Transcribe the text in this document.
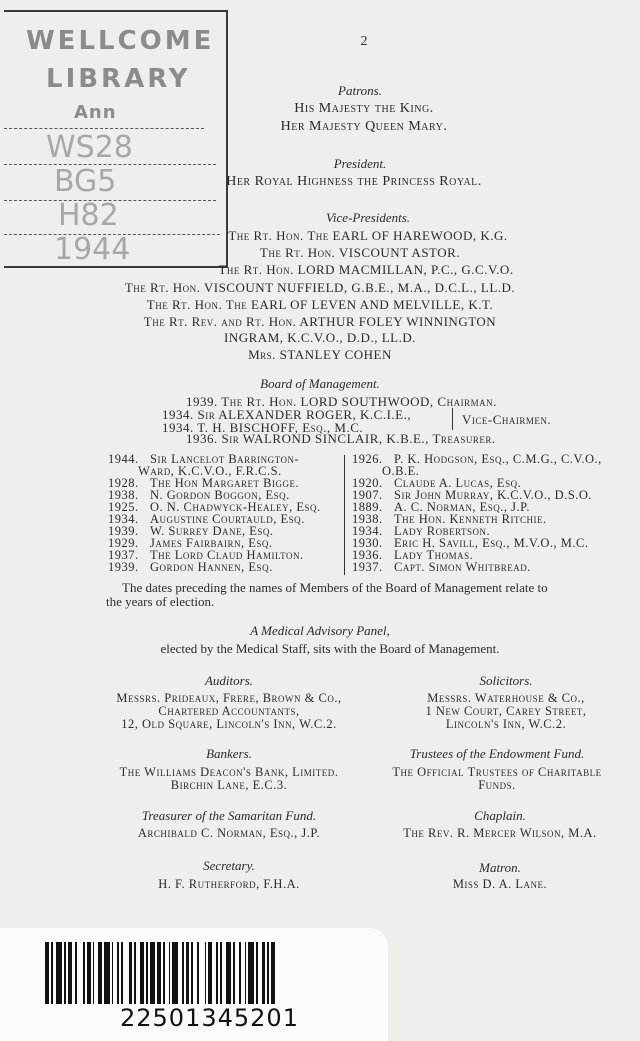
2
WELLCOME
LIBRARY
Ann
WS28
BG5
H82
1944
Patrons.
His Majesty the King.
Her Majesty Queen Mary.
President.
Her Royal Highness the Princess Royal.
Vice-Presidents.
The Rt. Hon. The EARL OF HAREWOOD, K.G.
The Rt. Hon. VISCOUNT ASTOR.
The Rt. Hon. LORD MACMILLAN, P.C., G.C.V.O.
The Rt. Hon. VISCOUNT NUFFIELD, G.B.E., M.A., D.C.L., LL.D.
The Rt. Hon. The EARL OF LEVEN AND MELVILLE, K.T.
The Rt. Rev. and Rt. Hon. ARTHUR FOLEY WINNINGTON
INGRAM, K.C.V.O., D.D., LL.D.
Mrs. STANLEY COHEN
Board of Management.
1939. The Rt. Hon. LORD SOUTHWOOD, Chairman.
1934. Sir ALEXANDER ROGER, K.C.I.E.,
1934. T. H. BISCHOFF, Esq., M.C.
Vice-Chairmen.
1936. Sir WALROND SINCLAIR, K.B.E., Treasurer.
1944. Sir Lancelot Barrington-
Ward, K.C.V.O., F.R.C.S.
1928. The Hon Margaret Bigge.
1938. N. Gordon Boggon, Esq.
1925. O. N. Chadwyck-Healey, Esq.
1934. Augustine Courtauld, Esq.
1939. W. Surrey Dane, Esq.
1929. James Fairbairn, Esq.
1937. The Lord Claud Hamilton.
1939. Gordon Hannen, Esq.
1926. P. K. Hodgson, Esq., C.M.G., C.V.O.,
O.B.E.
1920. Claude A. Lucas, Esq.
1907. Sir John Murray, K.C.V.O., D.S.O.
1889. A. C. Norman, Esq., J.P.
1938. The Hon. Kenneth Ritchie.
1934. Lady Robertson.
1930. Eric H. Savill, Esq., M.V.O., M.C.
1936. Lady Thomas.
1937. Capt. Simon Whitbread.
The dates preceding the names of Members of the Board of Management relate to
the years of election.
A Medical Advisory Panel,
elected by the Medical Staff, sits with the Board of Management.
Auditors.
Messrs. Prideaux, Frere, Brown & Co.,
Chartered Accountants,
12, Old Square, Lincoln's Inn, W.C.2.
Solicitors.
Messrs. Waterhouse & Co.,
1 New Court, Carey Street,
Lincoln's Inn, W.C.2.
Bankers.
The Williams Deacon's Bank, Limited.
Birchin Lane, E.C.3.
Trustees of the Endowment Fund.
The Official Trustees of Charitable
Funds.
Treasurer of the Samaritan Fund.
Archibald C. Norman, Esq., J.P.
Chaplain.
The Rev. R. Mercer Wilson, M.A.
Secretary.
H. F. Rutherford, F.H.A.
Matron.
Miss D. A. Lane.
22501345201
